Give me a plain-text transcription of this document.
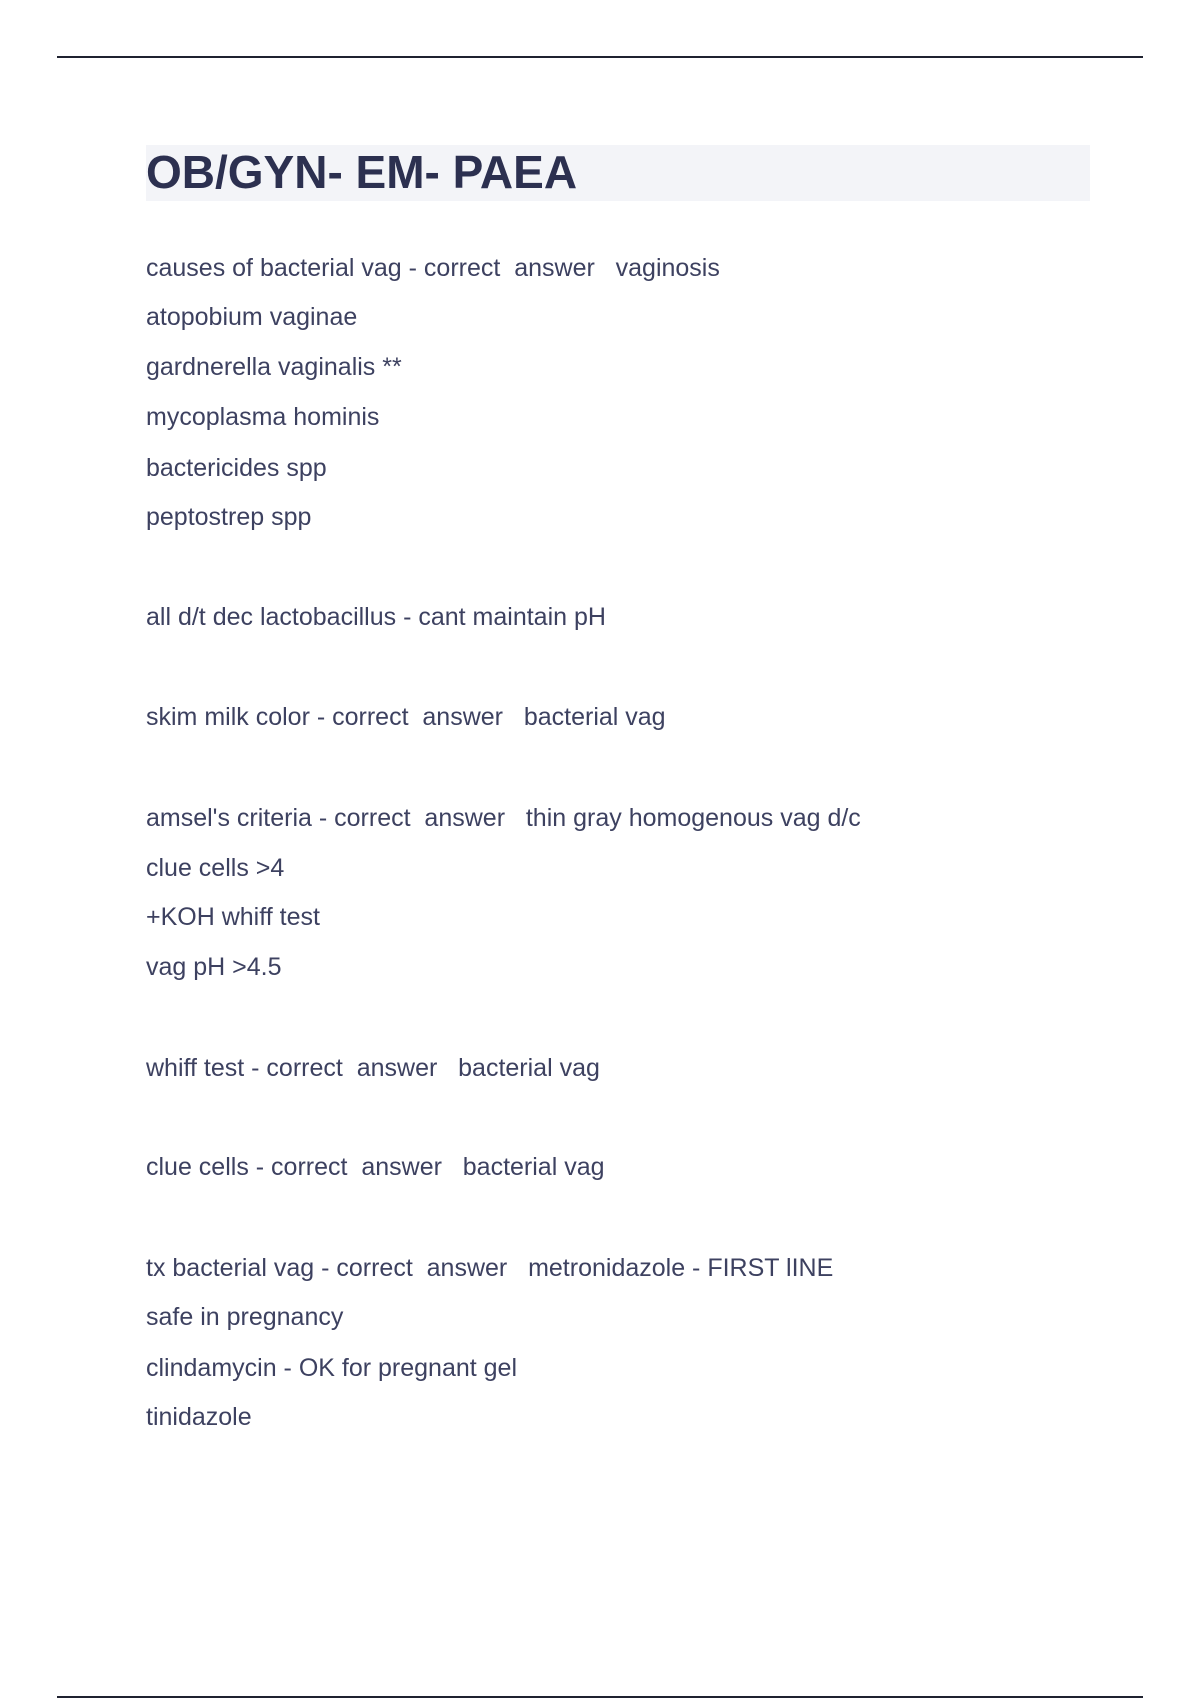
OB/GYN- EM- PAEA
causes of bacterial vag - correct  answer   vaginosis
atopobium vaginae
gardnerella vaginalis **
mycoplasma hominis
bactericides spp
peptostrep spp
all d/t dec lactobacillus - cant maintain pH
skim milk color - correct  answer   bacterial vag
amsel's criteria - correct  answer   thin gray homogenous vag d/c
clue cells >4
+KOH whiff test
vag pH >4.5
whiff test - correct  answer   bacterial vag
clue cells - correct  answer   bacterial vag
tx bacterial vag - correct  answer   metronidazole - FIRST lINE
safe in pregnancy
clindamycin - OK for pregnant gel
tinidazole
